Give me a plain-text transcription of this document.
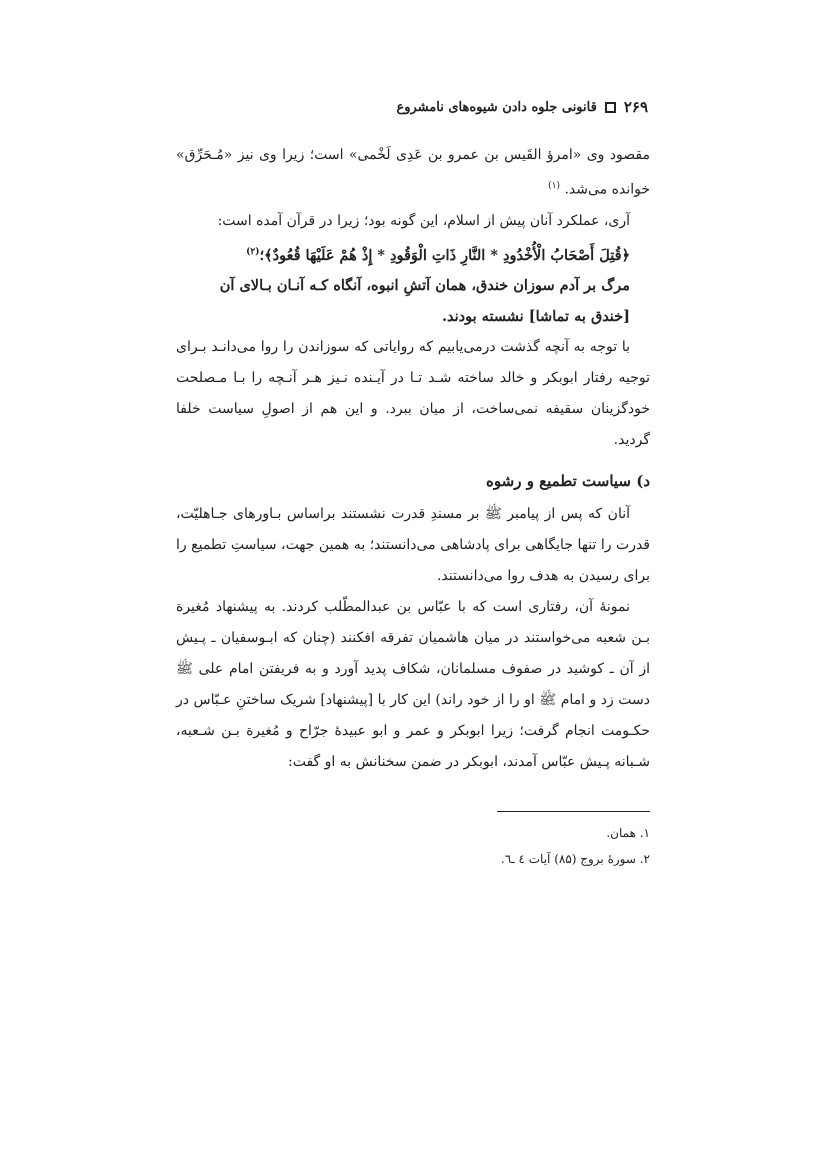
قانونی جلوه دادن شیوه‌های نامشروع ۲۶۹

مقصود وی «امرؤ القَیس بن عمرو بن عَدِی لَخْمی» است؛ زیرا وی نیز «مُـحَرِّق» خوانده می‌شد. $^{(۱)}$

آری، عملکرد آنان پیش از اسلام، این گونه بود؛ زیرا در قرآن آمده است:

﴿قُتِلَ أَصْحَابُ الْأُخْدُودِ * النَّارِ ذَاتِ الْوَقُودِ * إِذْ هُمْ عَلَيْهَا قُعُودٌ﴾؛$^{(۲)}$

مرگ بر آدم سوزان خندق، همان آتشِ انبوه، آنگاه کـه آنـان بـالای آن

[خندق به تماشا] نشسته بودند.

با توجه به آنچه گذشت درمی‌یابیم که روایاتی که سوزاندن را روا می‌دانـد بـرای توجیه رفتار ابوبکر و خالد ساخته شـد تـا در آیـنده نـیز هـر آنـچه را بـا مـصلحت خودگزینان سقیفه نمی‌ساخت، از میان ببرد. و این هم از اصولِ سیاست خلفا گردید.

د) سیاست تطمیع و رشوه

آنان که پس از پیامبر ﷺ بر مسندِ قدرت نشستند براساس بـاورهای جـاهلیّت، قدرت را تنها جایگاهی برای پادشاهی می‌دانستند؛ به همین جهت، سیاستِ تطمیع را برای رسیدن به هدف روا می‌دانستند.

نمونهٔ آن، رفتاری است که با عبّاس بن عبدالمطّلب کردند. به پیشنهاد مُغیرة بـن شعبه می‌خواستند در میان هاشمیان تفرقه افکنند (چنان که ابـوسفیان ـ پـیش از آن ـ کوشید در صفوف مسلمانان، شکاف پدید آورد و به فریفتن امام علی ﷺ دست زد و امام ﷺ او را از خود راند) این کار با [پیشنهاد] شریک ساختنِ عـبّاس در حکـومت انجام گرفت؛ زیرا ابوبکر و عمر و ابو عبیدهٔ جرّاح و مُغیرة بـن شـعبه، شـبانه پـیش عبّاس آمدند، ابوبکر در ضمن سخنانش به او گفت:

۱. همان.
۲. سورهٔ بروج (۸۵) آیات ٤ ـ٦.
